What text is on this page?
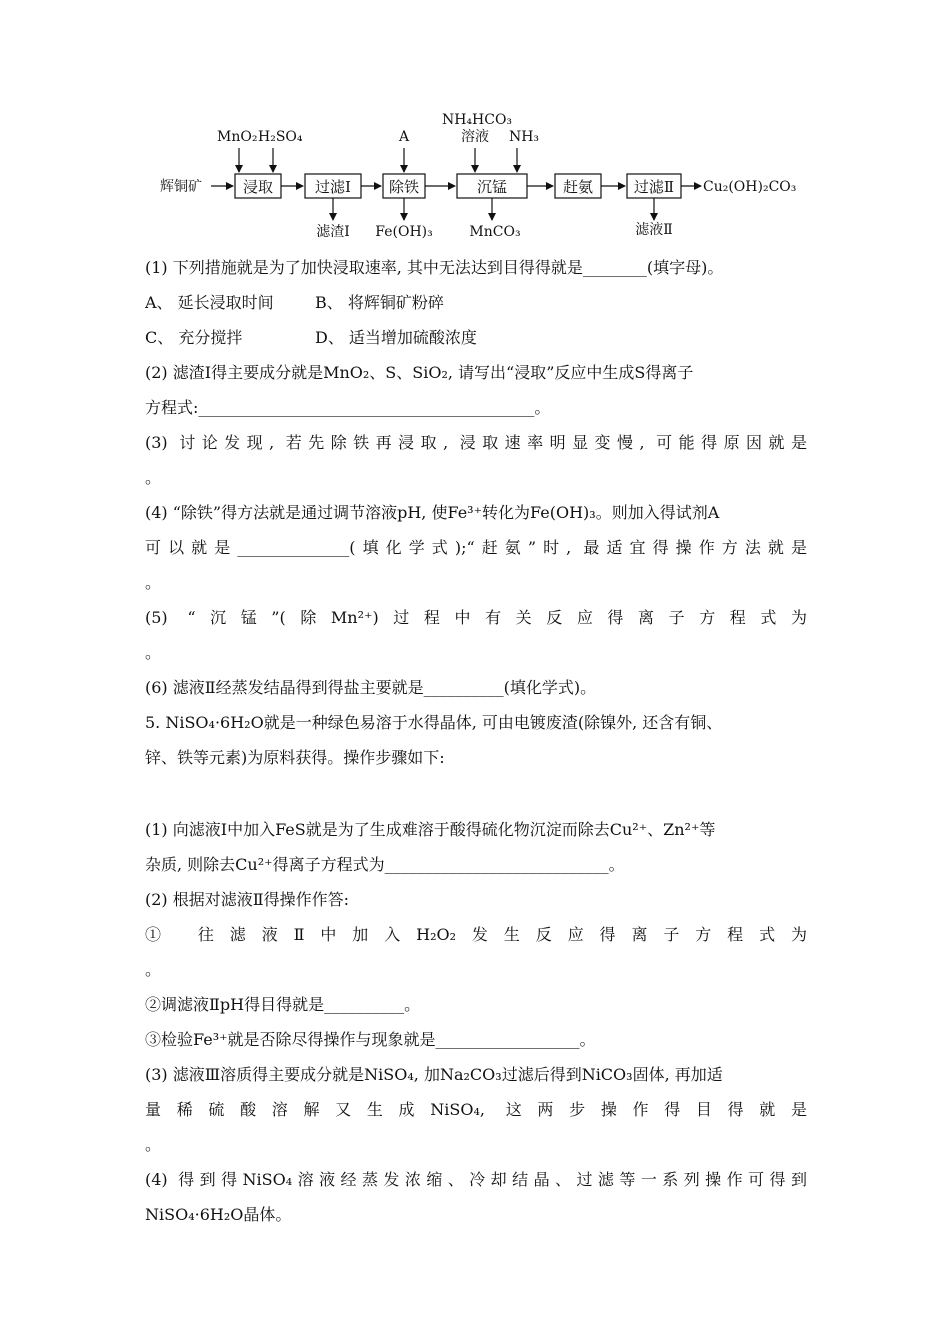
辉铜矿	浸取
MnO₂ H₂SO₄
过滤Ⅰ
滤渣Ⅰ
除铁
A
Fe(OH)₃
沉锰
NH₄HCO₃
溶液 NH₃
MnCO₃
赶氨	过滤Ⅱ
滤液Ⅱ
Cu₂(OH)₂CO₃
(1) 下列措施就是为了加快浸取速率, 其中无法达到目得得就是________(填字母)。
A、 延长浸取时间	B、 将辉铜矿粉碎
C、 充分搅拌	D、 适当增加硫酸浓度
(2) 滤渣Ⅰ得主要成分就是MnO₂、S、SiO₂, 请写出“浸取”反应中生成S得离子
方程式:__________________________________________。
(3) 讨论发现, 若先除铁再浸取, 浸取速率明显变慢, 可能得原因就是
。
(4) “除铁”得方法就是通过调节溶液pH, 使Fe³⁺转化为Fe(OH)₃。则加入得试剂A
可以就是______________(填化学式);“赶氨”时, 最适宜得操作方法就是
。
(5) “沉锰”(除Mn²⁺)过程中有关反应得离子方程式为
。
(6) 滤液Ⅱ经蒸发结晶得到得盐主要就是__________(填化学式)。
5. NiSO₄·6H₂O就是一种绿色易溶于水得晶体, 可由电镀废渣(除镍外, 还含有铜、
锌、铁等元素)为原料获得。操作步骤如下:
(1) 向滤液Ⅰ中加入FeS就是为了生成难溶于酸得硫化物沉淀而除去Cu²⁺、Zn²⁺等
杂质, 则除去Cu²⁺得离子方程式为____________________________。
(2) 根据对滤液Ⅱ得操作作答:
① 往滤液Ⅱ中加入H₂O₂发生反应得离子方程式为
。
②调滤液ⅡpH得目得就是__________。
③检验Fe³⁺就是否除尽得操作与现象就是__________________。
(3) 滤液Ⅲ溶质得主要成分就是NiSO₄, 加Na₂CO₃过滤后得到NiCO₃固体, 再加适
量稀硫酸溶解又生成NiSO₄, 这两步操作得目得就是
。
(4) 得到得NiSO₄溶液经蒸发浓缩、冷却结晶、过滤等一系列操作可得到
NiSO₄·6H₂O晶体。
